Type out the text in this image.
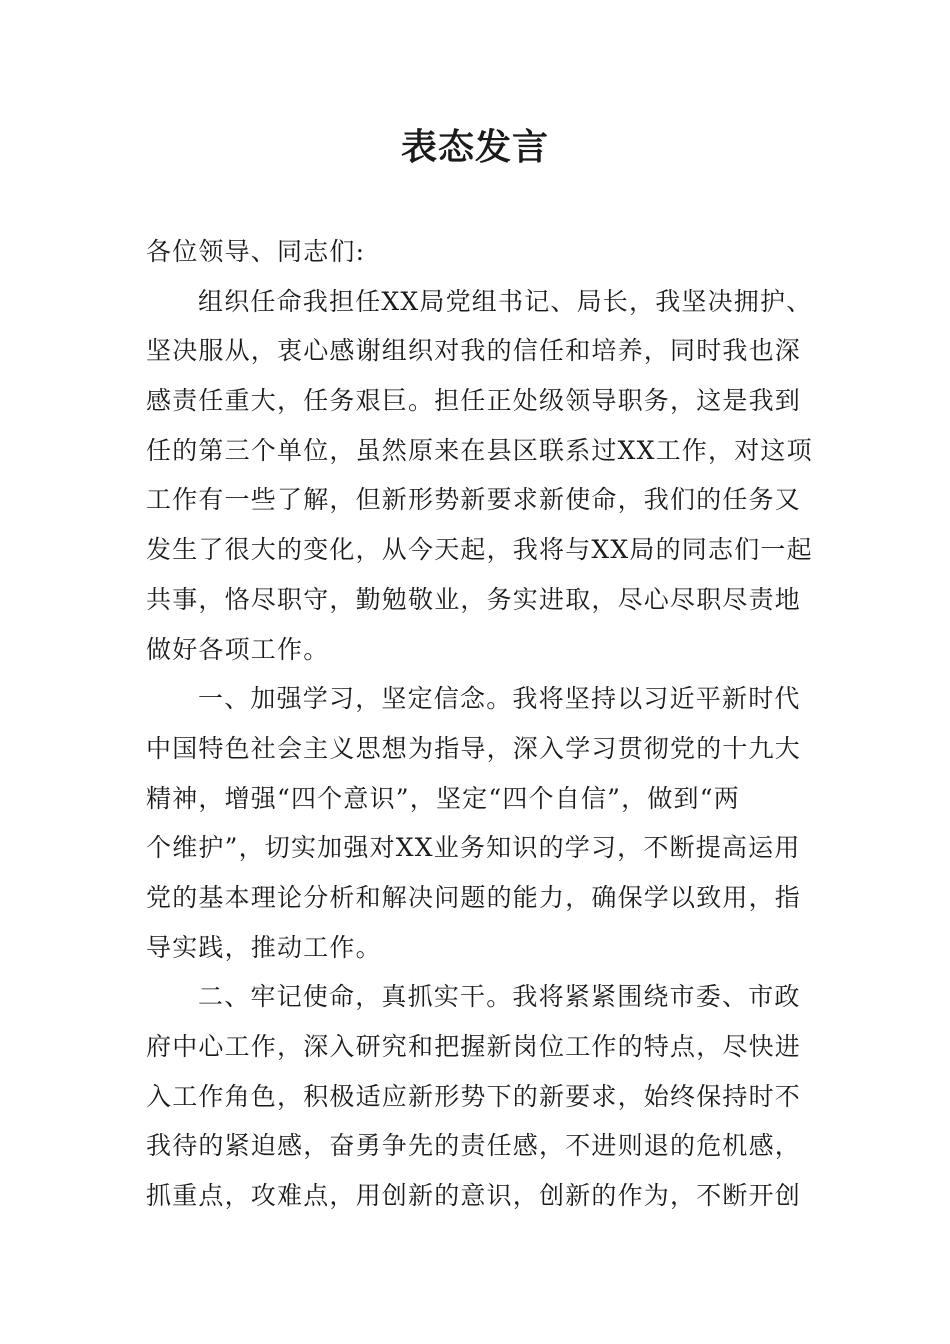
表态发言
各位领导、同志们:
组织任命我担任XX局党组书记、局长，我坚决拥护、
坚决服从，衷心感谢组织对我的信任和培养，同时我也深
感责任重大，任务艰巨。担任正处级领导职务，这是我到
任的第三个单位，虽然原来在县区联系过XX工作，对这项
工作有一些了解，但新形势新要求新使命，我们的任务又
发生了很大的变化，从今天起，我将与XX局的同志们一起
共事，恪尽职守，勤勉敬业，务实进取，尽心尽职尽责地
做好各项工作。
一、加强学习，坚定信念。我将坚持以习近平新时代
中国特色社会主义思想为指导，深入学习贯彻党的十九大
精神，增强“四个意识”，坚定“四个自信”，做到“两
个维护”，切实加强对XX业务知识的学习，不断提高运用
党的基本理论分析和解决问题的能力，确保学以致用，指
导实践，推动工作。
二、牢记使命，真抓实干。我将紧紧围绕市委、市政
府中心工作，深入研究和把握新岗位工作的特点，尽快进
入工作角色，积极适应新形势下的新要求，始终保持时不
我待的紧迫感，奋勇争先的责任感，不进则退的危机感，
抓重点，攻难点，用创新的意识，创新的作为，不断开创
